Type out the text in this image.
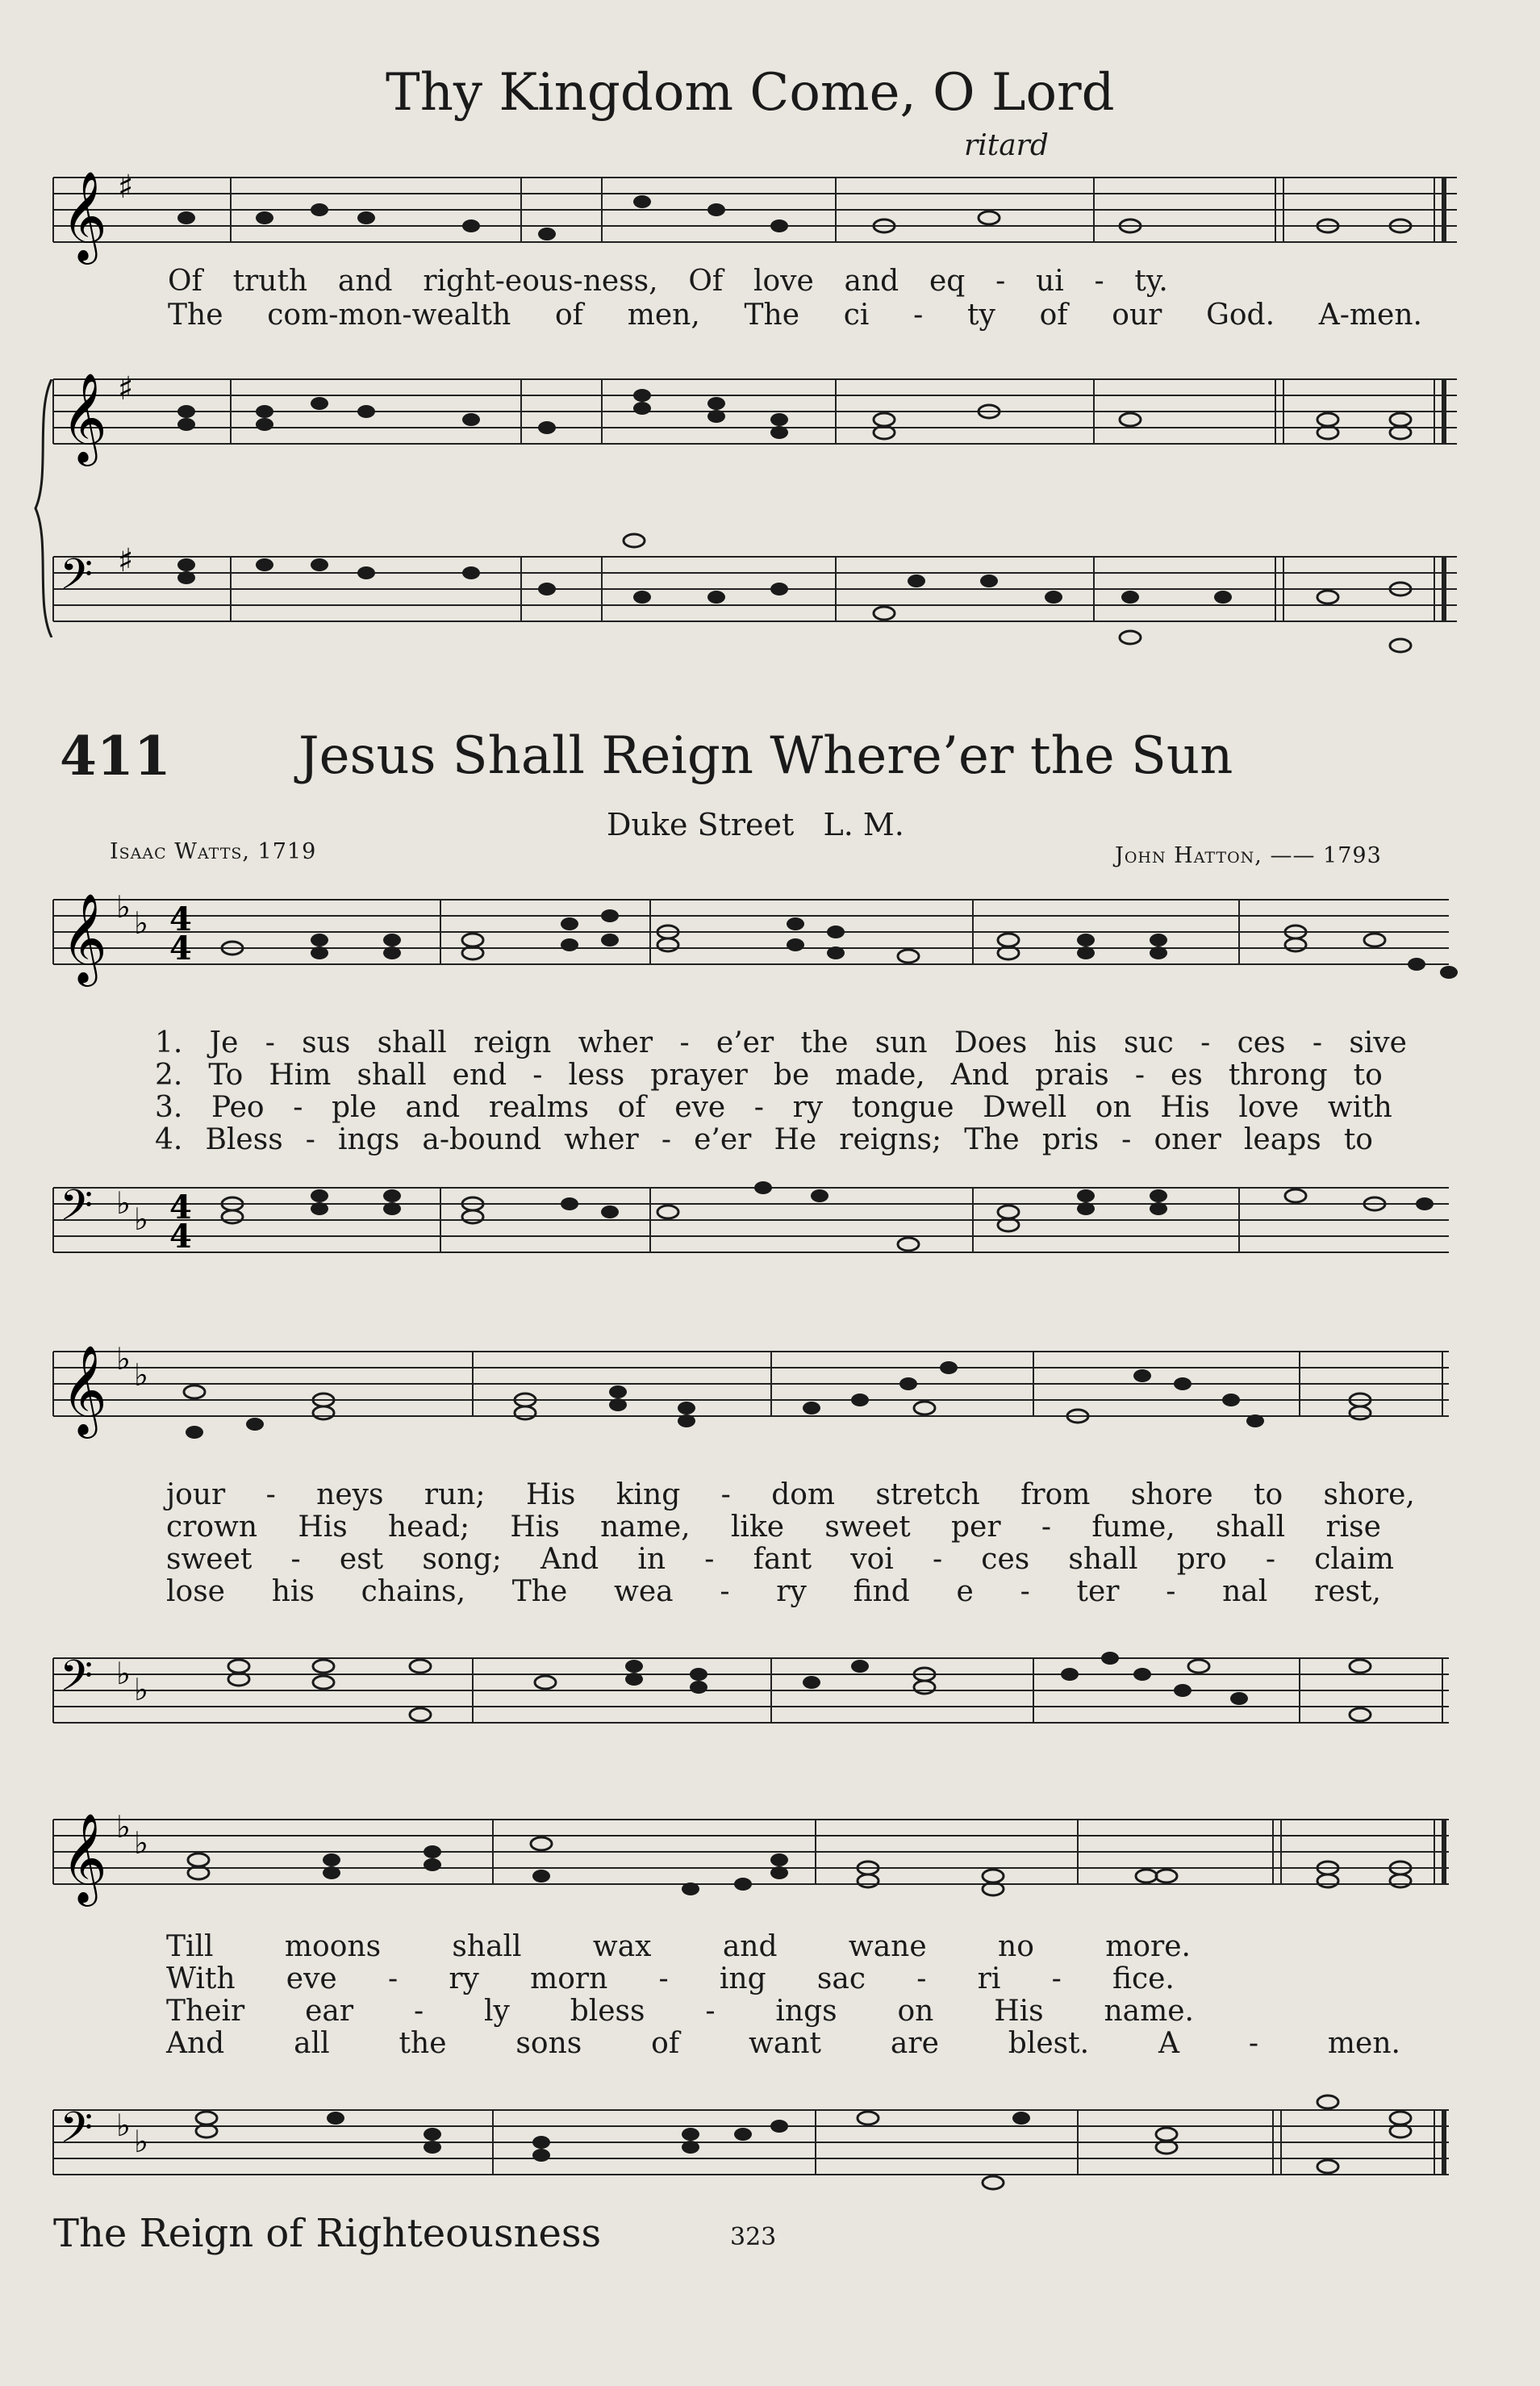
Thy Kingdom Come, O Lord
ritard
𝄞 ♯
Of truth and right-eous-ness, Of love and eq - ui - ty.
The com-mon-wealth of men, The ci - ty of our God. A-men.
𝄞 ♯
𝄢 ♯
411 Jesus Shall Reign Where’er the Sun
Duke Street L. M.
Isaac Watts, 1719	John Hatton, —— 1793
𝄞 ♭ ♭ 4
4
1. Je - sus shall reign wher - e’er the sun Does his suc - ces - sive
2. To Him shall end - less prayer be made, And prais - es throng to
3. Peo - ple and realms of eve - ry tongue Dwell on His love with
4. Bless - ings a-bound wher - e’er He reigns; The pris - oner leaps to
𝄢 ♭ ♭ 4
4
𝄞 ♭ ♭
jour - neys run; His king - dom stretch from shore to shore,
crown His head; His name, like sweet per - fume, shall rise
sweet - est song; And in - fant voi - ces shall pro - claim
lose his chains, The wea - ry find e - ter - nal rest,
𝄢 ♭ ♭
𝄞 ♭ ♭
Till moons shall wax and wane no more.
With eve - ry morn - ing sac - ri - fice.
Their ear - ly bless - ings on His name.
And all the sons of want are blest. A - men.
𝄢 ♭ ♭
The Reign of Righteousness	323
